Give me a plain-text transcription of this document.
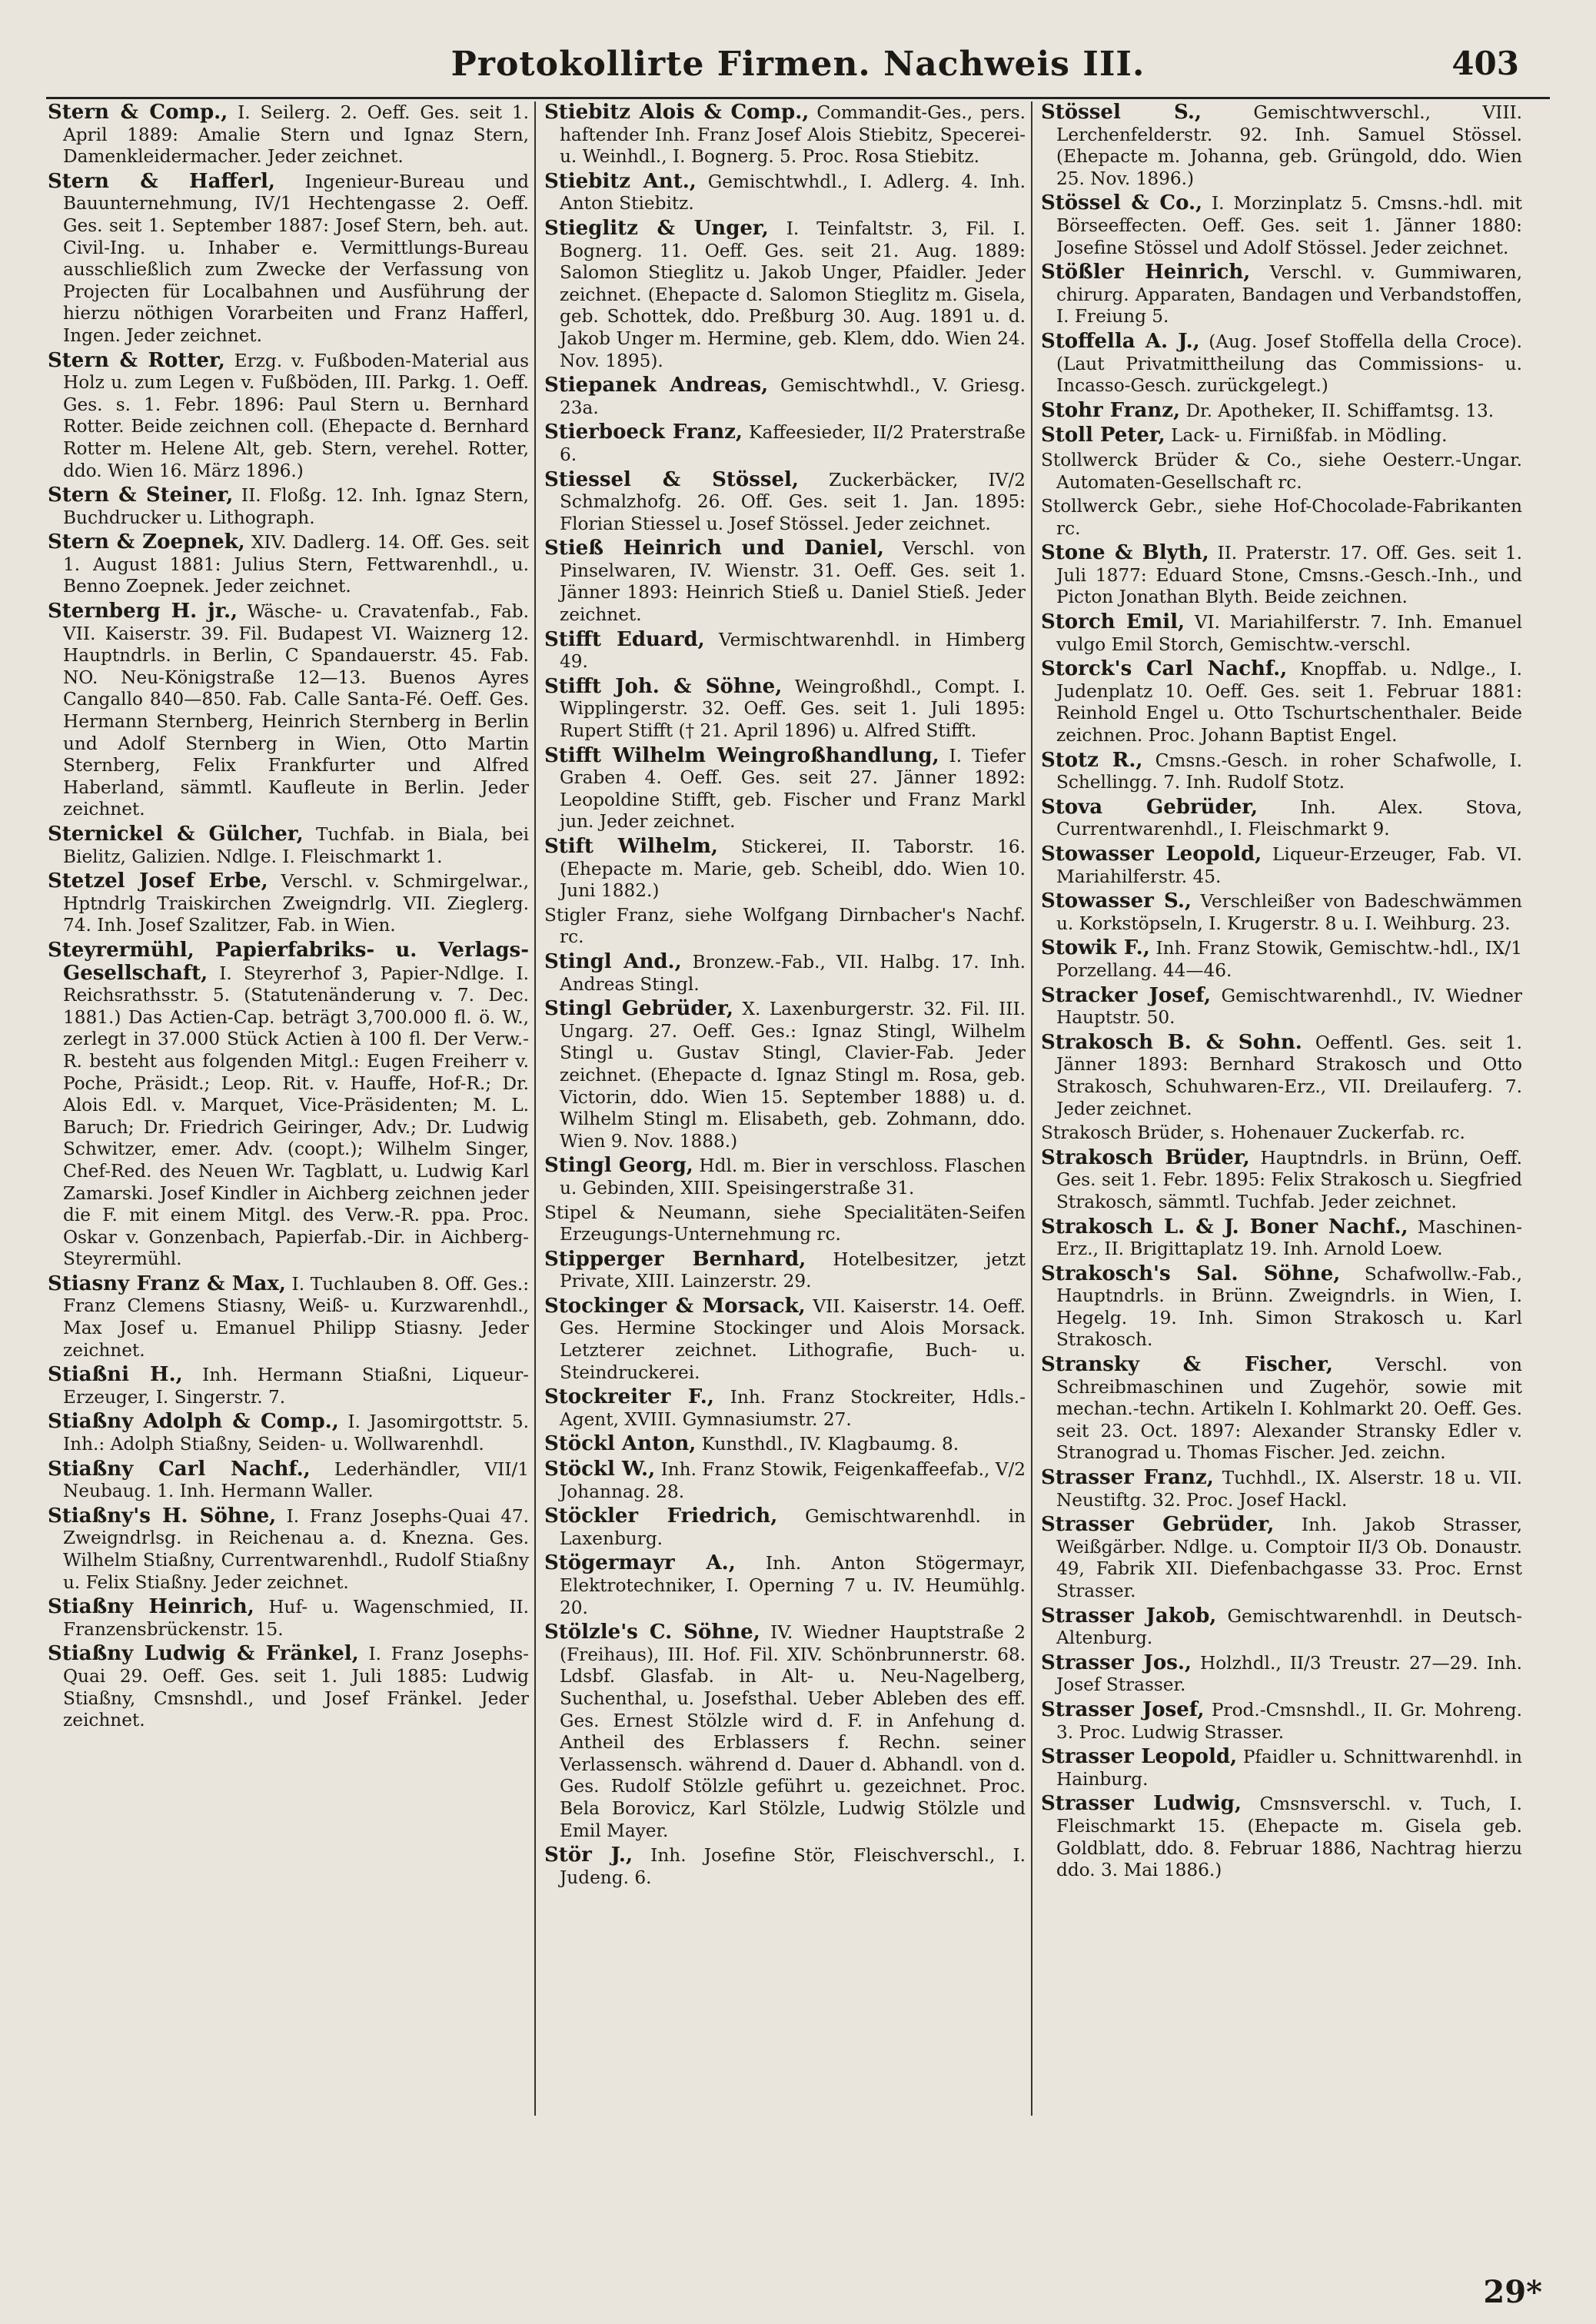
Protokollirte Firmen. Nachweis III.	403

Stern & Comp., I. Seilerg. 2. Oeff. Ges. seit 1. April 1889: Amalie Stern und Ignaz Stern, Damenkleidermacher. Jeder zeichnet.

Stern & Hafferl, Ingenieur-Bureau und Bauunternehmung, IV/1 Hechtengasse 2. Oeff. Ges. seit 1. September 1887: Josef Stern, beh. aut. Civil-Ing. u. Inhaber e. Vermittlungs-Bureau ausschließlich zum Zwecke der Verfassung von Projecten für Localbahnen und Ausführung der hierzu nöthigen Vorarbeiten und Franz Hafferl, Ingen. Jeder zeichnet.

Stern & Rotter, Erzg. v. Fußboden-Material aus Holz u. zum Legen v. Fußböden, III. Parkg. 1. Oeff. Ges. s. 1. Febr. 1896: Paul Stern u. Bernhard Rotter. Beide zeichnen coll. (Ehepacte d. Bernhard Rotter m. Helene Alt, geb. Stern, verehel. Rotter, ddo. Wien 16. März 1896.)

Stern & Steiner, II. Floßg. 12. Inh. Ignaz Stern, Buchdrucker u. Lithograph.

Stern & Zoepnek, XIV. Dadlerg. 14. Off. Ges. seit 1. August 1881: Julius Stern, Fettwarenhdl., u. Benno Zoepnek. Jeder zeichnet.

Sternberg H. jr., Wäsche- u. Cravatenfab., Fab. VII. Kaiserstr. 39. Fil. Budapest VI. Waiznerg 12. Hauptndrls. in Berlin, C Spandauerstr. 45. Fab. NO. Neu-Königstraße 12—13. Buenos Ayres Cangallo 840—850. Fab. Calle Santa-Fé. Oeff. Ges. Hermann Sternberg, Heinrich Sternberg in Berlin und Adolf Sternberg in Wien, Otto Martin Sternberg, Felix Frankfurter und Alfred Haberland, sämmtl. Kaufleute in Berlin. Jeder zeichnet.

Sternickel & Gülcher, Tuchfab. in Biala, bei Bielitz, Galizien. Ndlge. I. Fleischmarkt 1.

Stetzel Josef Erbe, Verschl. v. Schmirgelwar., Hptndrlg Traiskirchen Zweigndrlg. VII. Zieglerg. 74. Inh. Josef Szalitzer, Fab. in Wien.

Steyrermühl, Papierfabriks- u. Verlags-Gesellschaft, I. Steyrerhof 3, Papier-Ndlge. I. Reichsrathsstr. 5. (Statutenänderung v. 7. Dec. 1881.) Das Actien-Cap. beträgt 3,700.000 fl. ö. W., zerlegt in 37.000 Stück Actien à 100 fl. Der Verw.-R. besteht aus folgenden Mitgl.: Eugen Freiherr v. Poche, Präsidt.; Leop. Rit. v. Hauffe, Hof-R.; Dr. Alois Edl. v. Marquet, Vice-Präsidenten; M. L. Baruch; Dr. Friedrich Geiringer, Adv.; Dr. Ludwig Schwitzer, emer. Adv. (coopt.); Wilhelm Singer, Chef-Red. des Neuen Wr. Tagblatt, u. Ludwig Karl Zamarski. Josef Kindler in Aichberg zeichnen jeder die F. mit einem Mitgl. des Verw.-R. ppa. Proc. Oskar v. Gonzenbach, Papierfab.-Dir. in Aichberg-Steyrermühl.

Stiasny Franz & Max, I. Tuchlauben 8. Off. Ges.: Franz Clemens Stiasny, Weiß- u. Kurzwarenhdl., Max Josef u. Emanuel Philipp Stiasny. Jeder zeichnet.

Stiaßni H., Inh. Hermann Stiaßni, Liqueur-Erzeuger, I. Singerstr. 7.

Stiaßny Adolph & Comp., I. Jasomirgottstr. 5. Inh.: Adolph Stiaßny, Seiden- u. Wollwarenhdl.

Stiaßny Carl Nachf., Lederhändler, VII/1 Neubaug. 1. Inh. Hermann Waller.

Stiaßny's H. Söhne, I. Franz Josephs-Quai 47. Zweigndrlsg. in Reichenau a. d. Knezna. Ges. Wilhelm Stiaßny, Currentwarenhdl., Rudolf Stiaßny u. Felix Stiaßny. Jeder zeichnet.

Stiaßny Heinrich, Huf- u. Wagenschmied, II. Franzensbrückenstr. 15.

Stiaßny Ludwig & Fränkel, I. Franz Josephs-Quai 29. Oeff. Ges. seit 1. Juli 1885: Ludwig Stiaßny, Cmsnshdl., und Josef Fränkel. Jeder zeichnet.

Stiebitz Alois & Comp., Commandit-Ges., pers. haftender Inh. Franz Josef Alois Stiebitz, Specerei- u. Weinhdl., I. Bognerg. 5. Proc. Rosa Stiebitz.

Stiebitz Ant., Gemischtwhdl., I. Adlerg. 4. Inh. Anton Stiebitz.

Stieglitz & Unger, I. Teinfaltstr. 3, Fil. I. Bognerg. 11. Oeff. Ges. seit 21. Aug. 1889: Salomon Stieglitz u. Jakob Unger, Pfaidler. Jeder zeichnet. (Ehepacte d. Salomon Stieglitz m. Gisela, geb. Schottek, ddo. Preßburg 30. Aug. 1891 u. d. Jakob Unger m. Hermine, geb. Klem, ddo. Wien 24. Nov. 1895).

Stiepanek Andreas, Gemischtwhdl., V. Griesg. 23a.

Stierboeck Franz, Kaffeesieder, II/2 Praterstraße 6.

Stiessel & Stössel, Zuckerbäcker, IV/2 Schmalzhofg. 26. Off. Ges. seit 1. Jan. 1895: Florian Stiessel u. Josef Stössel. Jeder zeichnet.

Stieß Heinrich und Daniel, Verschl. von Pinselwaren, IV. Wienstr. 31. Oeff. Ges. seit 1. Jänner 1893: Heinrich Stieß u. Daniel Stieß. Jeder zeichnet.

Stifft Eduard, Vermischtwarenhdl. in Himberg 49.

Stifft Joh. & Söhne, Weingroßhdl., Compt. I. Wipplingerstr. 32. Oeff. Ges. seit 1. Juli 1895: Rupert Stifft († 21. April 1896) u. Alfred Stifft.

Stifft Wilhelm Weingroßhandlung, I. Tiefer Graben 4. Oeff. Ges. seit 27. Jänner 1892: Leopoldine Stifft, geb. Fischer und Franz Markl jun. Jeder zeichnet.

Stift Wilhelm, Stickerei, II. Taborstr. 16. (Ehepacte m. Marie, geb. Scheibl, ddo. Wien 10. Juni 1882.)

Stigler Franz, siehe Wolfgang Dirnbacher's Nachf. rc.

Stingl And., Bronzew.-Fab., VII. Halbg. 17. Inh. Andreas Stingl.

Stingl Gebrüder, X. Laxenburgerstr. 32. Fil. III. Ungarg. 27. Oeff. Ges.: Ignaz Stingl, Wilhelm Stingl u. Gustav Stingl, Clavier-Fab. Jeder zeichnet. (Ehepacte d. Ignaz Stingl m. Rosa, geb. Victorin, ddo. Wien 15. September 1888) u. d. Wilhelm Stingl m. Elisabeth, geb. Zohmann, ddo. Wien 9. Nov. 1888.)

Stingl Georg, Hdl. m. Bier in verschloss. Flaschen u. Gebinden, XIII. Speisingerstraße 31.

Stipel & Neumann, siehe Specialitäten-Seifen Erzeugungs-Unternehmung rc.

Stipperger Bernhard, Hotelbesitzer, jetzt Private, XIII. Lainzerstr. 29.

Stockinger & Morsack, VII. Kaiserstr. 14. Oeff. Ges. Hermine Stockinger und Alois Morsack. Letzterer zeichnet. Lithografie, Buch- u. Steindruckerei.

Stockreiter F., Inh. Franz Stockreiter, Hdls.-Agent, XVIII. Gymnasiumstr. 27.

Stöckl Anton, Kunsthdl., IV. Klagbaumg. 8.

Stöckl W., Inh. Franz Stowik, Feigenkaffeefab., V/2 Johannag. 28.

Stöckler Friedrich, Gemischtwarenhdl. in Laxenburg.

Stögermayr A., Inh. Anton Stögermayr, Elektrotechniker, I. Operning 7 u. IV. Heumühlg. 20.

Stölzle's C. Söhne, IV. Wiedner Hauptstraße 2 (Freihaus), III. Hof. Fil. XIV. Schönbrunnerstr. 68. Ldsbf. Glasfab. in Alt- u. Neu-Nagelberg, Suchenthal, u. Josefsthal. Ueber Ableben des eff. Ges. Ernest Stölzle wird d. F. in Anfehung d. Antheil des Erblassers f. Rechn. seiner Verlassensch. während d. Dauer d. Abhandl. von d. Ges. Rudolf Stölzle geführt u. gezeichnet. Proc. Bela Borovicz, Karl Stölzle, Ludwig Stölzle und Emil Mayer.

Stör J., Inh. Josefine Stör, Fleischverschl., I. Judeng. 6.

Stössel S.,	Gemischtwverschl., VIII. Lerchenfelderstr. 92. Inh. Samuel Stössel. (Ehepacte m. Johanna, geb. Grüngold, ddo. Wien 25. Nov. 1896.)

Stössel & Co., I. Morzinplatz 5. Cmsns.-hdl. mit Börseeffecten. Oeff. Ges. seit 1. Jänner 1880: Josefine Stössel und Adolf Stössel. Jeder zeichnet.

Stößler Heinrich, Verschl. v. Gummiwaren, chirurg. Apparaten, Bandagen und Verbandstoffen, I. Freiung 5.

Stoffella A. J., (Aug. Josef Stoffella della Croce). (Laut Privatmittheilung das Commissions- u. Incasso-Gesch. zurückgelegt.)

Stohr Franz, Dr. Apotheker, II. Schiffamtsg. 13.

Stoll Peter, Lack- u. Firnißfab. in Mödling.

Stollwerck Brüder & Co., siehe Oesterr.-Ungar. Automaten-Gesellschaft rc.

Stollwerck Gebr., siehe Hof-Chocolade-Fabrikanten rc.

Stone & Blyth, II. Praterstr. 17. Off. Ges. seit 1. Juli 1877: Eduard Stone, Cmsns.-Gesch.-Inh., und Picton Jonathan Blyth. Beide zeichnen.

Storch Emil, VI. Mariahilferstr. 7. Inh. Emanuel vulgo Emil Storch, Gemischtw.-verschl.

Storck's Carl Nachf., Knopffab. u. Ndlge., I. Judenplatz 10. Oeff. Ges. seit 1. Februar 1881: Reinhold Engel u. Otto Tschurtschenthaler. Beide zeichnen. Proc. Johann Baptist Engel.

Stotz R., Cmsns.-Gesch. in roher Schafwolle, I. Schellingg. 7. Inh. Rudolf Stotz.

Stova Gebrüder, Inh. Alex. Stova, Currentwarenhdl., I. Fleischmarkt 9.

Stowasser Leopold, Liqueur-Erzeuger, Fab. VI. Mariahilferstr. 45.

Stowasser S., Verschleißer von Badeschwämmen u. Korkstöpseln, I. Krugerstr. 8 u. I. Weihburg. 23.

Stowik F., Inh. Franz Stowik, Gemischtw.-hdl., IX/1 Porzellang. 44—46.

Stracker Josef, Gemischtwarenhdl., IV. Wiedner Hauptstr. 50.

Strakosch B. & Sohn. Oeffentl. Ges. seit 1. Jänner 1893: Bernhard Strakosch und Otto Strakosch, Schuhwaren-Erz., VII. Dreilauferg. 7. Jeder zeichnet.

Strakosch Brüder, s. Hohenauer Zuckerfab. rc.

Strakosch Brüder, Hauptndrls. in Brünn, Oeff. Ges. seit 1. Febr. 1895: Felix Strakosch u. Siegfried Strakosch, sämmtl. Tuchfab. Jeder zeichnet.

Strakosch L. & J. Boner Nachf., Maschinen-Erz., II. Brigittaplatz 19. Inh. Arnold Loew.

Strakosch's Sal. Söhne, Schafwollw.-Fab., Hauptndrls. in Brünn. Zweigndrls. in Wien, I. Hegelg. 19. Inh. Simon Strakosch u. Karl Strakosch.

Stransky & Fischer, Verschl. von Schreibmaschinen und Zugehör, sowie mit mechan.-techn. Artikeln I. Kohlmarkt 20. Oeff. Ges. seit 23. Oct. 1897: Alexander Stransky Edler v. Stranograd u. Thomas Fischer. Jed. zeichn.

Strasser Franz, Tuchhdl., IX. Alserstr. 18 u. VII. Neustiftg. 32. Proc. Josef Hackl.

Strasser Gebrüder, Inh. Jakob Strasser, Weißgärber. Ndlge. u. Comptoir II/3 Ob. Donaustr. 49, Fabrik XII. Diefenbachgasse 33. Proc. Ernst Strasser.

Strasser Jakob, Gemischtwarenhdl. in Deutsch-Altenburg.

Strasser Jos., Holzhdl., II/3 Treustr. 27—29. Inh. Josef Strasser.

Strasser Josef, Prod.-Cmsnshdl., II. Gr. Mohreng. 3. Proc. Ludwig Strasser.

Strasser Leopold, Pfaidler u. Schnittwarenhdl. in Hainburg.

Strasser Ludwig, Cmsnsverschl. v. Tuch, I. Fleischmarkt 15. (Ehepacte m. Gisela geb. Goldblatt, ddo. 8. Februar 1886, Nachtrag hierzu ddo. 3. Mai 1886.)

29*
